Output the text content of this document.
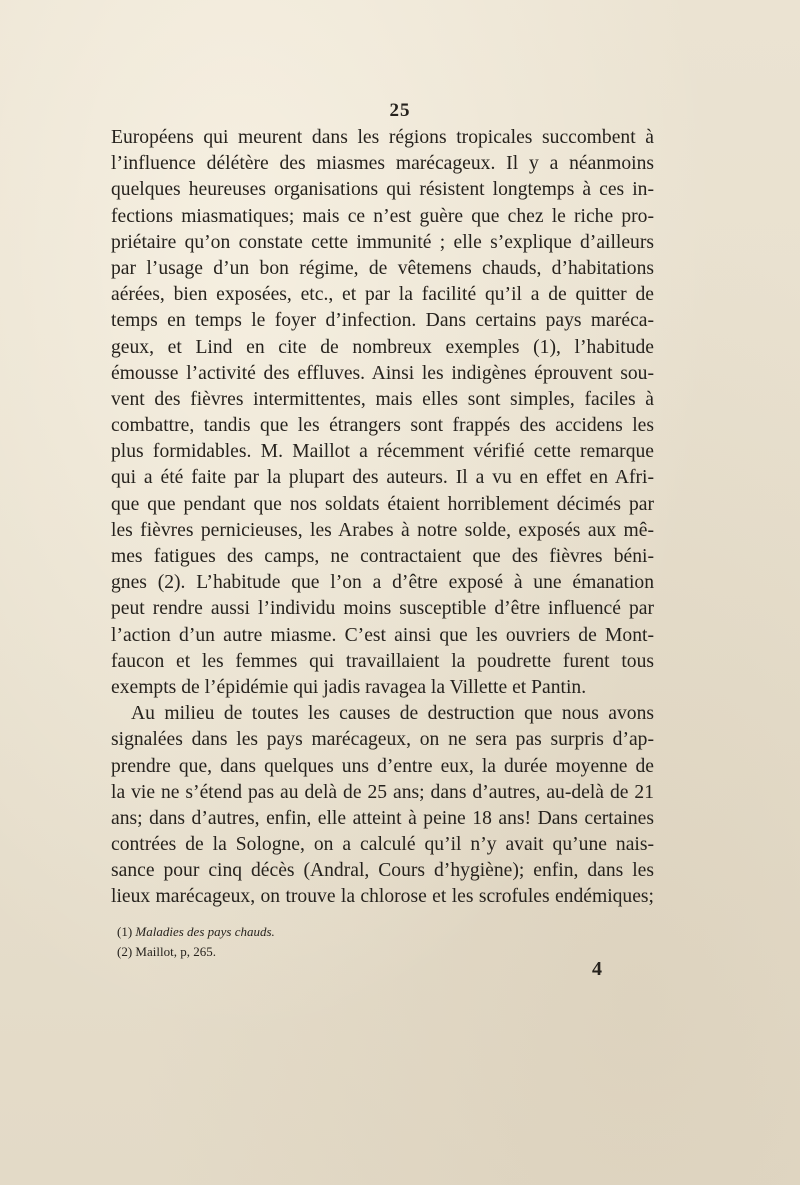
25
Européens qui meurent dans les régions tropicales succombent à
l’influence délétère des miasmes marécageux. Il y a néanmoins
quelques heureuses organisations qui résistent longtemps à ces in-
fections miasmatiques; mais ce n’est guère que chez le riche pro-
priétaire qu’on constate cette immunité ; elle s’explique d’ailleurs
par l’usage d’un bon régime, de vêtemens chauds, d’habitations
aérées, bien exposées, etc., et par la facilité qu’il a de quitter de
temps en temps le foyer d’infection. Dans certains pays maréca-
geux, et Lind en cite de nombreux exemples (1), l’habitude
émousse l’activité des effluves. Ainsi les indigènes éprouvent sou-
vent des fièvres intermittentes, mais elles sont simples, faciles à
combattre, tandis que les étrangers sont frappés des accidens les
plus formidables. M. Maillot a récemment vérifié cette remarque
qui a été faite par la plupart des auteurs. Il a vu en effet en Afri-
que que pendant que nos soldats étaient horriblement décimés par
les fièvres pernicieuses, les Arabes à notre solde, exposés aux mê-
mes fatigues des camps, ne contractaient que des fièvres béni-
gnes (2). L’habitude que l’on a d’être exposé à une émanation
peut rendre aussi l’individu moins susceptible d’être influencé par
l’action d’un autre miasme. C’est ainsi que les ouvriers de Mont-
faucon et les femmes qui travaillaient la poudrette furent tous
exempts de l’épidémie qui jadis ravagea la Villette et Pantin.
Au milieu de toutes les causes de destruction que nous avons
signalées dans les pays marécageux, on ne sera pas surpris d’ap-
prendre que, dans quelques uns d’entre eux, la durée moyenne de
la vie ne s’étend pas au delà de 25 ans; dans d’autres, au-delà de 21
ans; dans d’autres, enfin, elle atteint à peine 18 ans! Dans certaines
contrées de la Sologne, on a calculé qu’il n’y avait qu’une nais-
sance pour cinq décès (Andral, Cours d’hygiène); enfin, dans les
lieux marécageux, on trouve la chlorose et les scrofules endémiques;
(1) Maladies des pays chauds.
(2) Maillot, p, 265.
4
